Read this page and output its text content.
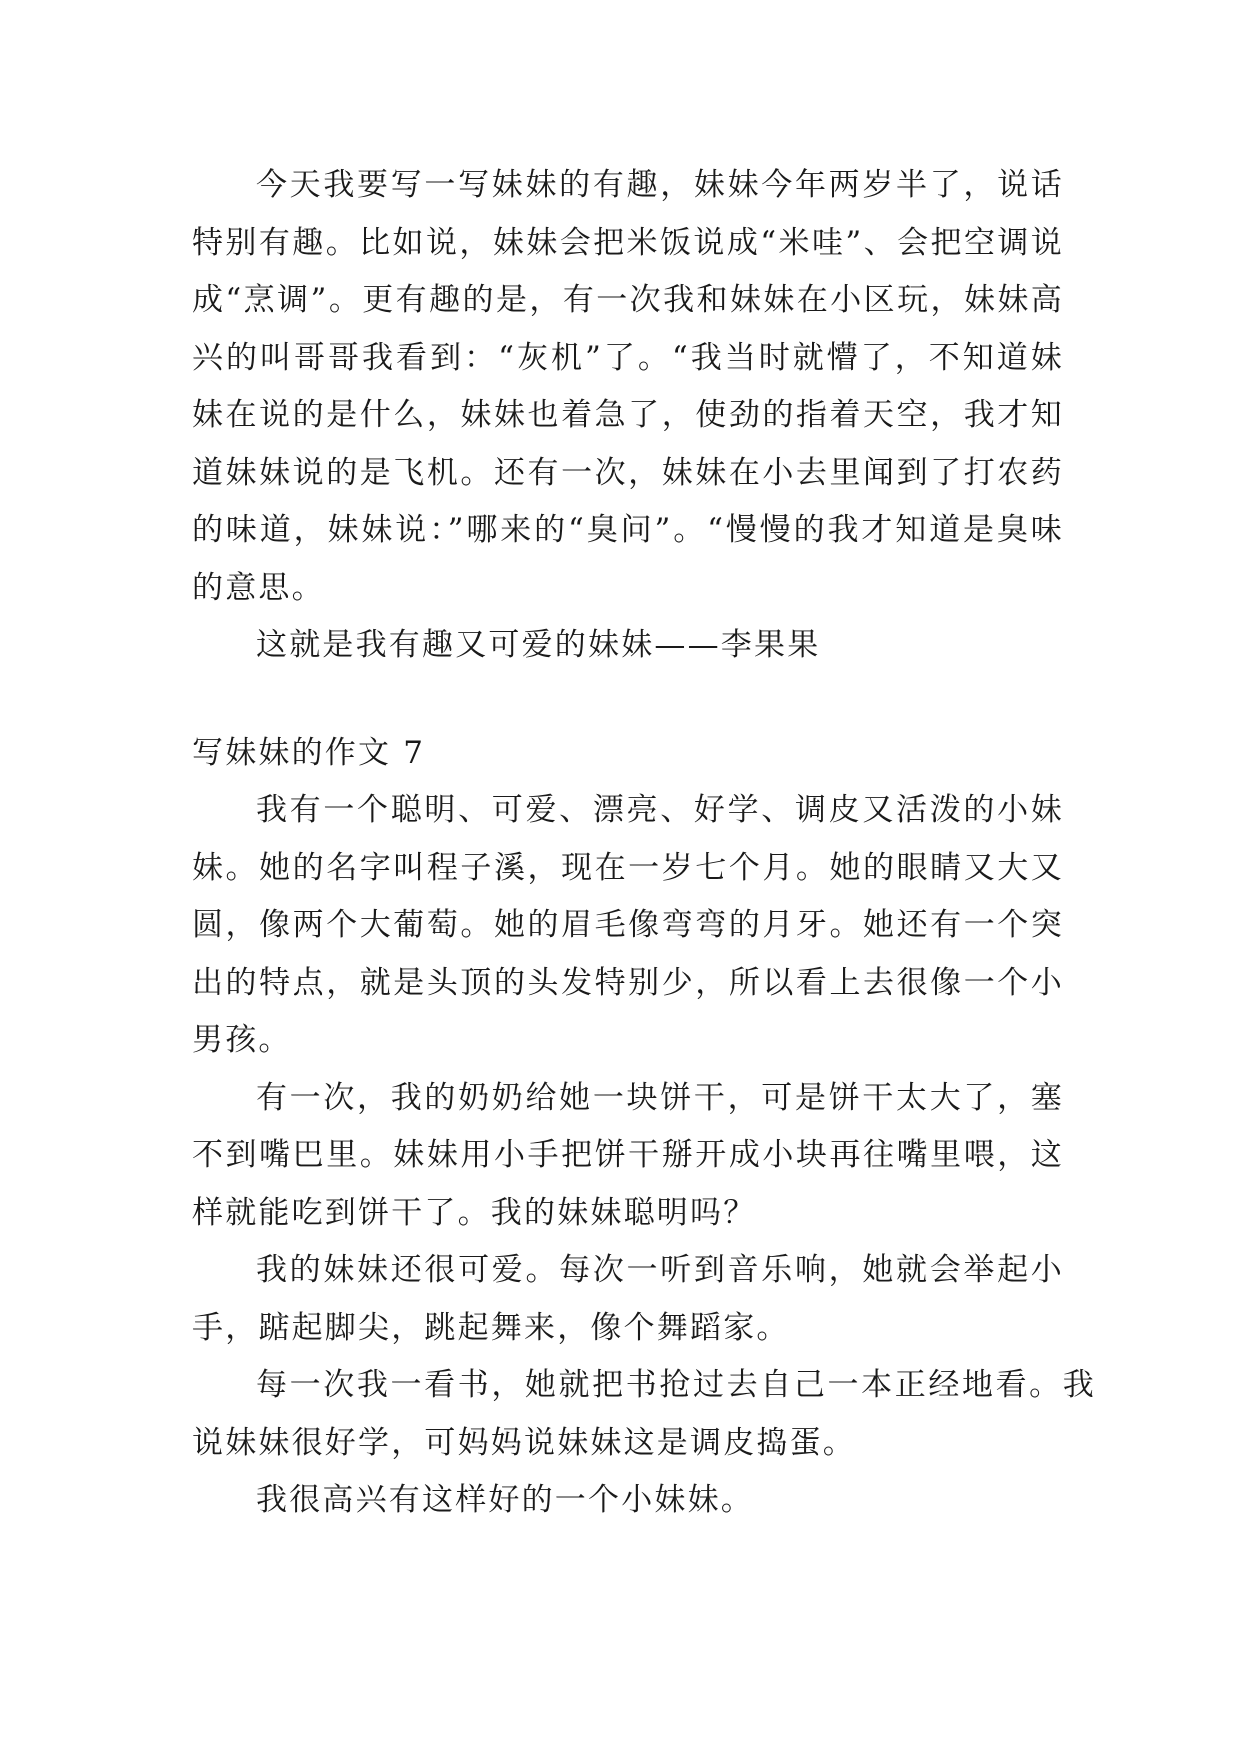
今天我要写一写妹妹的有趣，妹妹今年两岁半了，说话特别有趣。比如说，妹妹会把米饭说成“米哇”、会把空调说成“烹调”。更有趣的是，有一次我和妹妹在小区玩，妹妹高兴的叫哥哥我看到：“灰机”了。“我当时就懵了，不知道妹妹在说的是什么，妹妹也着急了，使劲的指着天空，我才知道妹妹说的是飞机。还有一次，妹妹在小去里闻到了打农药的味道，妹妹说：”哪来的“臭问”。“慢慢的我才知道是臭味的意思。

这就是我有趣又可爱的妹妹——李果果

写妹妹的作文 7

我有一个聪明、可爱、漂亮、好学、调皮又活泼的小妹妹。她的名字叫程子溪，现在一岁七个月。她的眼睛又大又圆，像两个大葡萄。她的眉毛像弯弯的月牙。她还有一个突出的特点，就是头顶的头发特别少，所以看上去很像一个小男孩。

有一次，我的奶奶给她一块饼干，可是饼干太大了，塞不到嘴巴里。妹妹用小手把饼干掰开成小块再往嘴里喂，这样就能吃到饼干了。我的妹妹聪明吗？

我的妹妹还很可爱。每次一听到音乐响，她就会举起小手，踮起脚尖，跳起舞来，像个舞蹈家。

每一次我一看书，她就把书抢过去自己一本正经地看。我说妹妹很好学，可妈妈说妹妹这是调皮捣蛋。

我很高兴有这样好的一个小妹妹。
